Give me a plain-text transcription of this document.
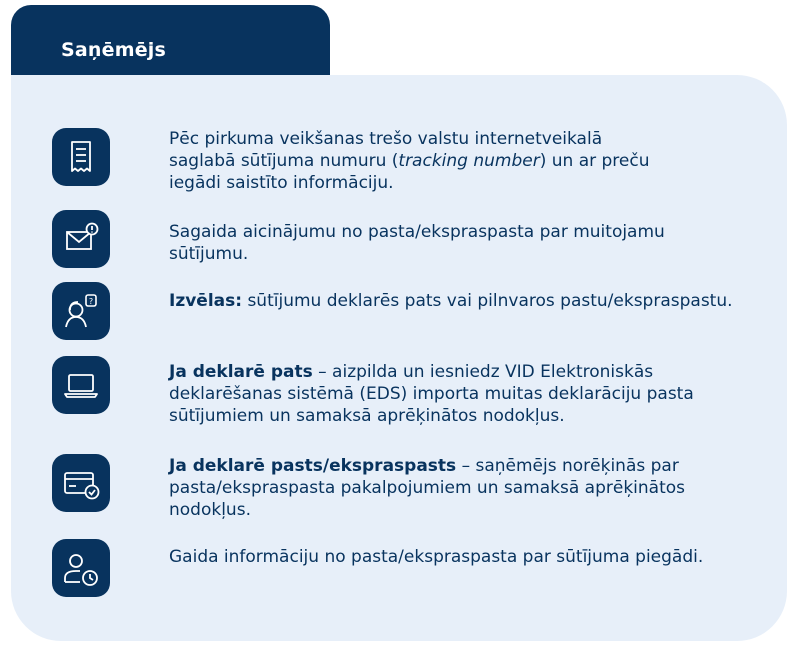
Saņēmējs
Pēc pirkuma veikšanas trešo valstu internetveikalā
saglabā sūtījuma numuru (tracking number) un ar preču
iegādi saistīto informāciju.
Sagaida aicinājumu no pasta/ekspraspasta par muitojamu sūtījumu.
?	Izvēlas: sūtījumu deklarēs pats vai pilnvaros pastu/ekspraspastu.
Ja deklarē pats – aizpilda un iesniedz VID Elektroniskās deklarēšanas sistēmā (EDS) importa muitas deklarāciju pasta sūtījumiem un samaksā aprēķinātos nodokļus.
Ja deklarē pasts/ekspraspasts – saņēmējs norēķinās par pasta/ekspraspasta pakalpojumiem un samaksā aprēķinātos nodokļus.
Gaida informāciju no pasta/ekspraspasta par sūtījuma piegādi.
